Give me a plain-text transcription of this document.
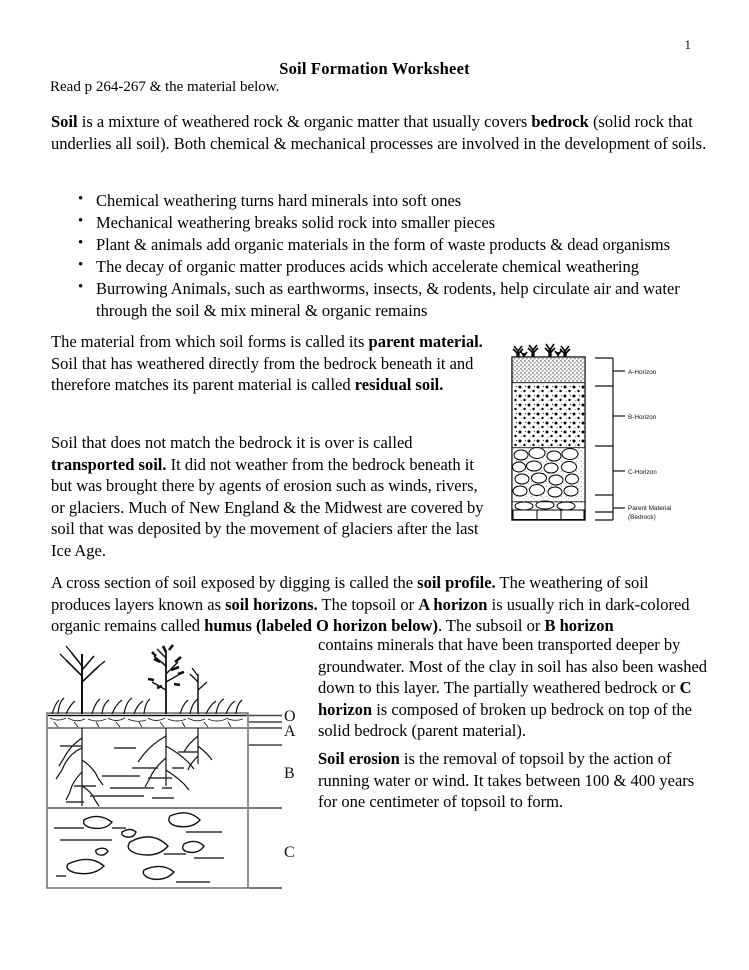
1
Soil Formation Worksheet
Read p 264-267 & the material below.
Soil is a mixture of weathered rock & organic matter that usually covers bedrock (solid rock that underlies all soil). Both chemical & mechanical processes are involved in the development of soils.
• Chemical weathering turns hard minerals into soft ones
• Mechanical weathering breaks solid rock into smaller pieces
• Plant & animals add organic materials in the form of waste products & dead organisms
• The decay of organic matter produces acids which accelerate chemical weathering
• Burrowing Animals, such as earthworms, insects, & rodents, help circulate air and water through the soil & mix mineral & organic remains
The material from which soil forms is called its parent material. Soil that has weathered directly from the bedrock beneath it and therefore matches its parent material is called residual soil.
Soil that does not match the bedrock it is over is called transported soil. It did not weather from the bedrock beneath it but was brought there by agents of erosion such as winds, rivers, or glaciers. Much of New England & the Midwest are covered by soil that was deposited by the movement of glaciers after the last Ice Age.
A cross section of soil exposed by digging is called the soil profile. The weathering of soil produces layers known as soil horizons. The topsoil or A horizon is usually rich in dark-colored organic remains called humus (labeled O horizon below). The subsoil or B horizon
contains minerals that have been transported deeper by groundwater. Most of the clay in soil has also been washed down to this layer. The partially weathered bedrock or C horizon is composed of broken up bedrock on top of the solid bedrock (parent material).
Soil erosion is the removal of topsoil by the action of running water or wind. It takes between 100 & 400 years for one centimeter of topsoil to form.
A-Horizon
B-Horizon
C-Horizon
Parent Material
(Bedrock)
O
A
B
C
